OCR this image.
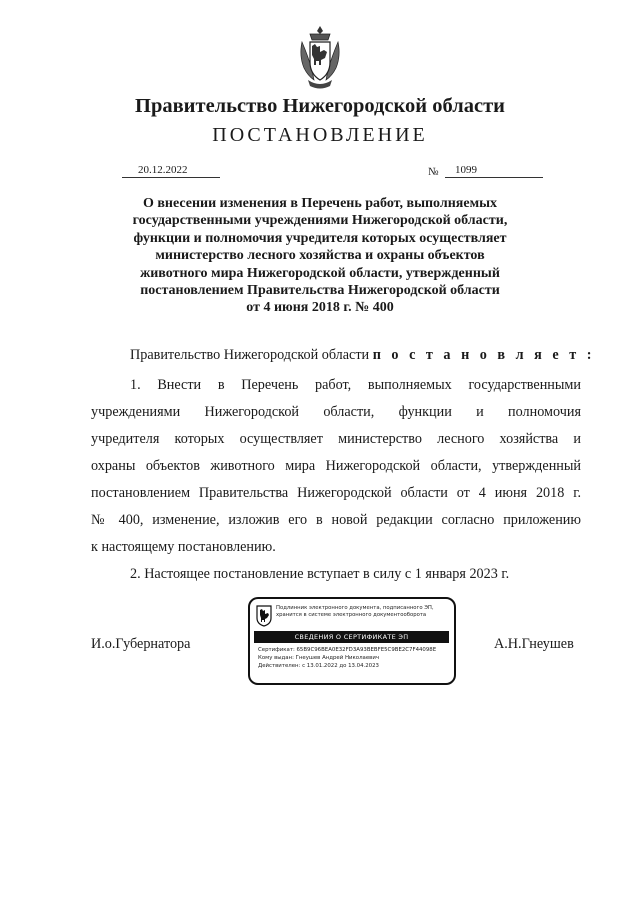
Правительство Нижегородской области
ПОСТАНОВЛЕНИЕ
20.12.2022	№	1099
О внесении изменения в Перечень работ, выполняемых
государственными учреждениями Нижегородской области,
функции и полномочия учредителя которых осуществляет
министерство лесного хозяйства и охраны объектов
животного мира Нижегородской области, утвержденный
постановлением Правительства Нижегородской области
от 4 июня 2018 г. № 400
Правительство Нижегородской области п о с т а н о в л я е т :
1. Внести в Перечень работ, выполняемых государственными
учреждениями Нижегородской области, функции и полномочия
учредителя которых осуществляет министерство лесного хозяйства и
охраны объектов животного мира Нижегородской области, утвержденный
постановлением Правительства Нижегородской области от 4 июня 2018 г.
№ 400, изменение, изложив его в новой редакции согласно приложению
к настоящему постановлению.
2. Настоящее постановление вступает в силу с 1 января 2023 г.
И.о.Губернатора	А.Н.Гнеушев
Подлинник электронного документа, подписанного ЭП, хранится в системе электронного документооборота
СВЕДЕНИЯ О СЕРТИФИКАТЕ ЭП
Сертификат: 65B9C96BEA0E32FD3A93BEBFE5C9BE2C7F44098E
Кому выдан: Гнеушев Андрей Николаевич
Действителен: с 13.01.2022 до 13.04.2023
